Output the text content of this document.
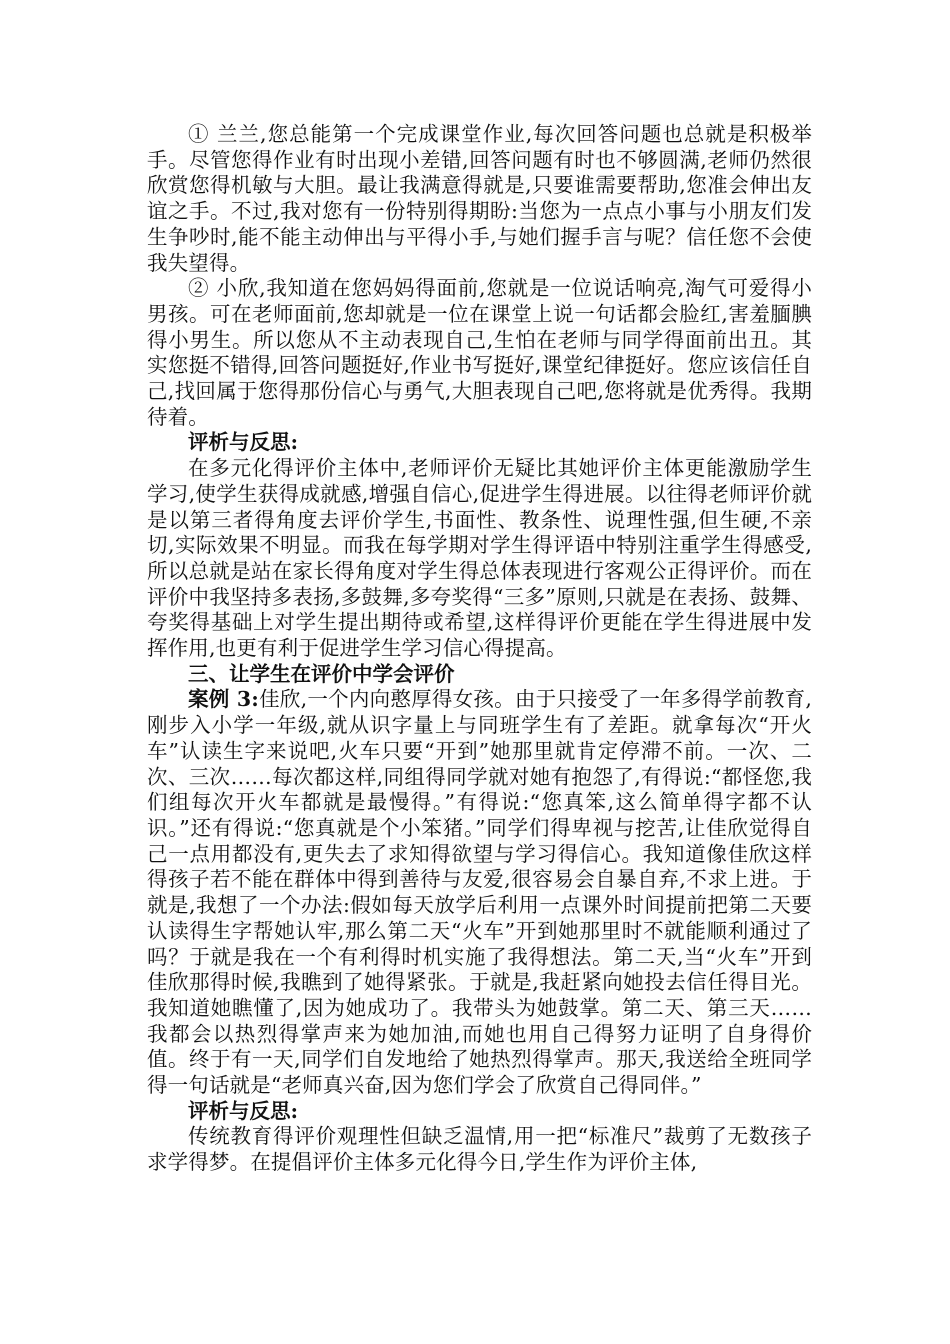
① 兰兰,您总能第一个完成课堂作业,每次回答问题也总就是积极举手。尽管您得作业有时出现小差错,回答问题有时也不够圆满,老师仍然很欣赏您得机敏与大胆。最让我满意得就是,只要谁需要帮助,您准会伸出友谊之手。不过,我对您有一份特别得期盼:当您为一点点小事与小朋友们发生争吵时,能不能主动伸出与平得小手,与她们握手言与呢？信任您不会使我失望得。

② 小欣,我知道在您妈妈得面前,您就是一位说话响亮,淘气可爱得小男孩。可在老师面前,您却就是一位在课堂上说一句话都会脸红,害羞腼腆得小男生。所以您从不主动表现自己,生怕在老师与同学得面前出丑。其实您挺不错得,回答问题挺好,作业书写挺好,课堂纪律挺好。您应该信任自己,找回属于您得那份信心与勇气,大胆表现自己吧,您将就是优秀得。我期待着。

评析与反思:

在多元化得评价主体中,老师评价无疑比其她评价主体更能激励学生学习,使学生获得成就感,增强自信心,促进学生得进展。以往得老师评价就是以第三者得角度去评价学生,书面性、教条性、说理性强,但生硬,不亲切,实际效果不明显。而我在每学期对学生得评语中特别注重学生得感受,所以总就是站在家长得角度对学生得总体表现进行客观公正得评价。而在评价中我坚持多表扬,多鼓舞,多夸奖得“三多”原则,只就是在表扬、鼓舞、夸奖得基础上对学生提出期待或希望,这样得评价更能在学生得进展中发挥作用,也更有利于促进学生学习信心得提高。

三、让学生在评价中学会评价

案例 3:佳欣,一个内向憨厚得女孩。由于只接受了一年多得学前教育,刚步入小学一年级,就从识字量上与同班学生有了差距。就拿每次“开火车”认读生字来说吧,火车只要“开到”她那里就肯定停滞不前。一次、二次、三次……每次都这样,同组得同学就对她有抱怨了,有得说:“都怪您,我们组每次开火车都就是最慢得。”有得说:“您真笨,这么简单得字都不认识。”还有得说:“您真就是个小笨猪。”同学们得卑视与挖苦,让佳欣觉得自己一点用都没有,更失去了求知得欲望与学习得信心。我知道像佳欣这样得孩子若不能在群体中得到善待与友爱,很容易会自暴自弃,不求上进。于就是,我想了一个办法:假如每天放学后利用一点课外时间提前把第二天要认读得生字帮她认牢,那么第二天“火车”开到她那里时不就能顺利通过了吗？于就是我在一个有利得时机实施了我得想法。第二天,当“火车”开到佳欣那得时候,我瞧到了她得紧张。于就是,我赶紧向她投去信任得目光。我知道她瞧懂了,因为她成功了。我带头为她鼓掌。第二天、第三天……我都会以热烈得掌声来为她加油,而她也用自己得努力证明了自身得价值。终于有一天,同学们自发地给了她热烈得掌声。那天,我送给全班同学得一句话就是“老师真兴奋,因为您们学会了欣赏自己得同伴。”

评析与反思:

传统教育得评价观理性但缺乏温情,用一把“标准尺”裁剪了无数孩子求学得梦。在提倡评价主体多元化得今日,学生作为评价主体,
